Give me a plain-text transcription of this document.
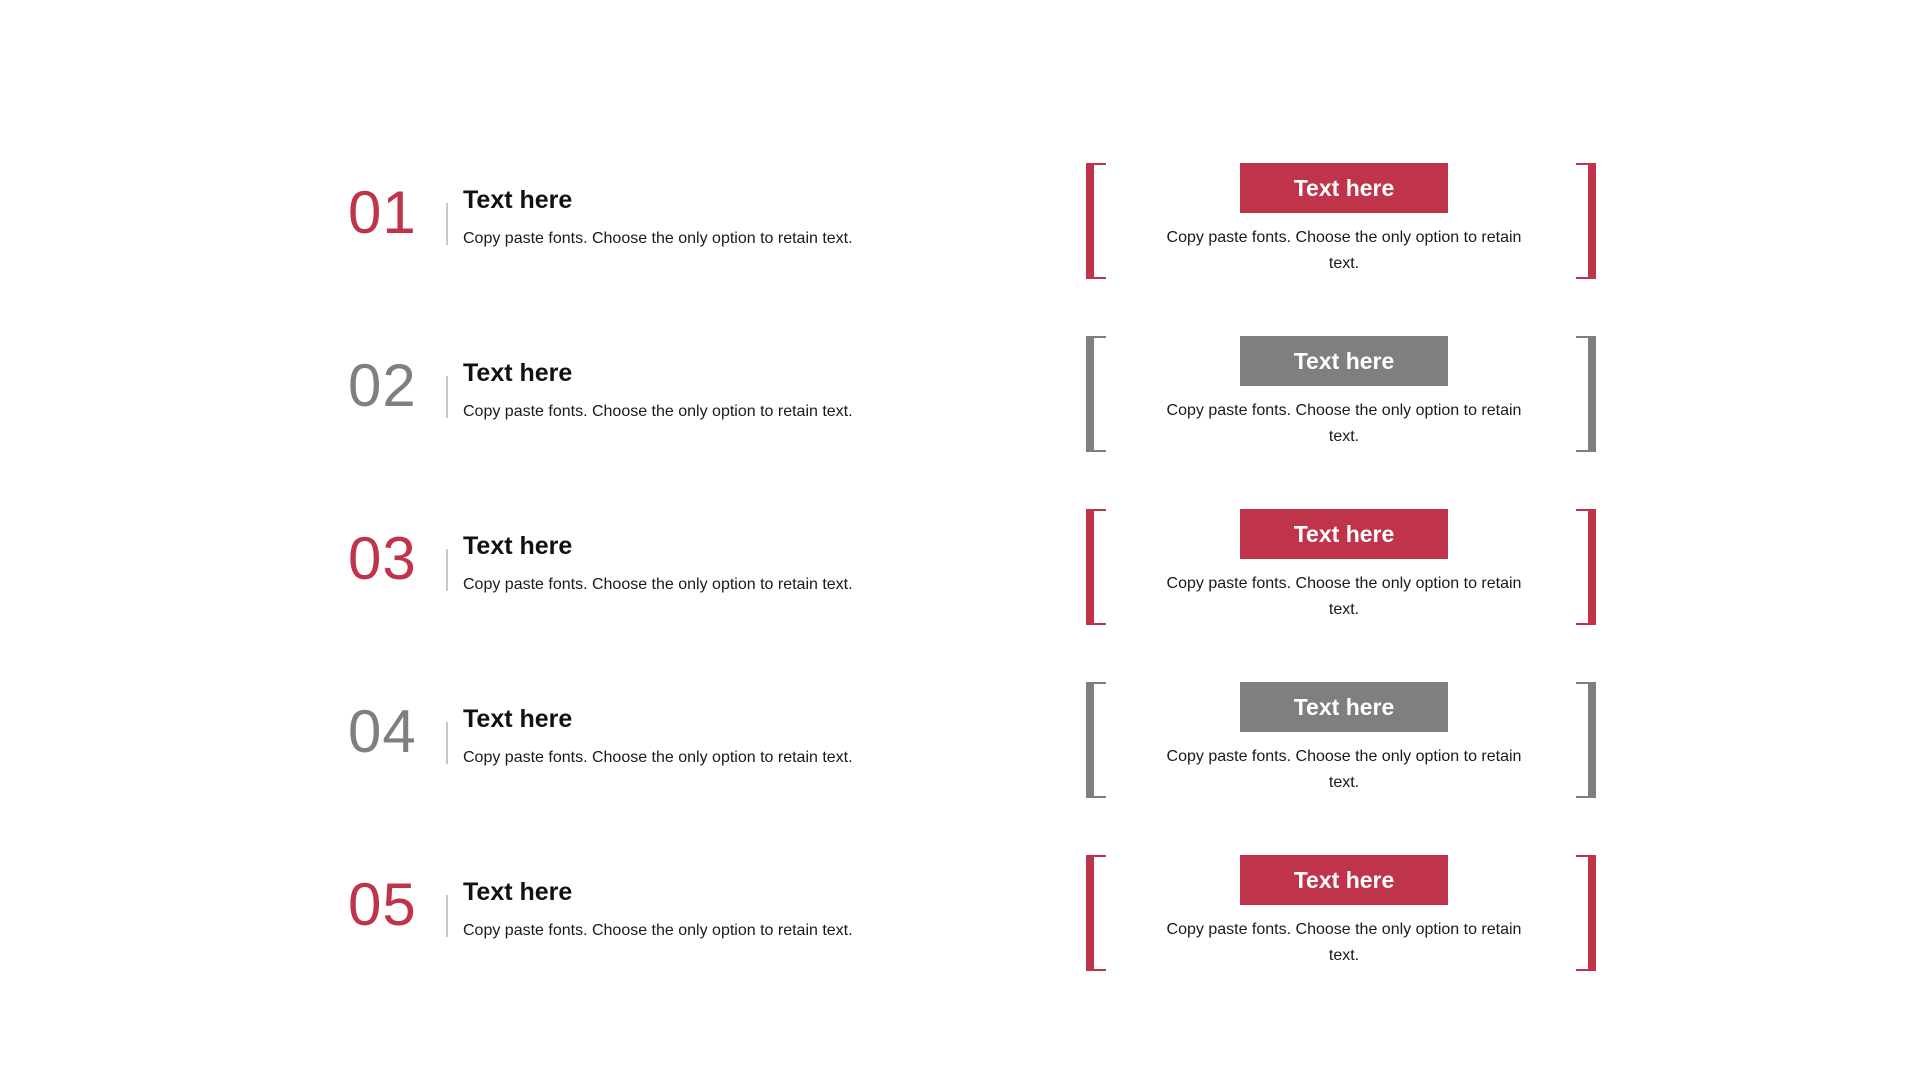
01 Text here
Copy paste fonts. Choose the only option to retain text.
Text here
Copy paste fonts. Choose the only option to retain text.
02 Text here
Copy paste fonts. Choose the only option to retain text.
Text here
Copy paste fonts. Choose the only option to retain text.
03 Text here
Copy paste fonts. Choose the only option to retain text.
Text here
Copy paste fonts. Choose the only option to retain text.
04 Text here
Copy paste fonts. Choose the only option to retain text.
Text here
Copy paste fonts. Choose the only option to retain text.
05 Text here
Copy paste fonts. Choose the only option to retain text.
Text here
Copy paste fonts. Choose the only option to retain text.
